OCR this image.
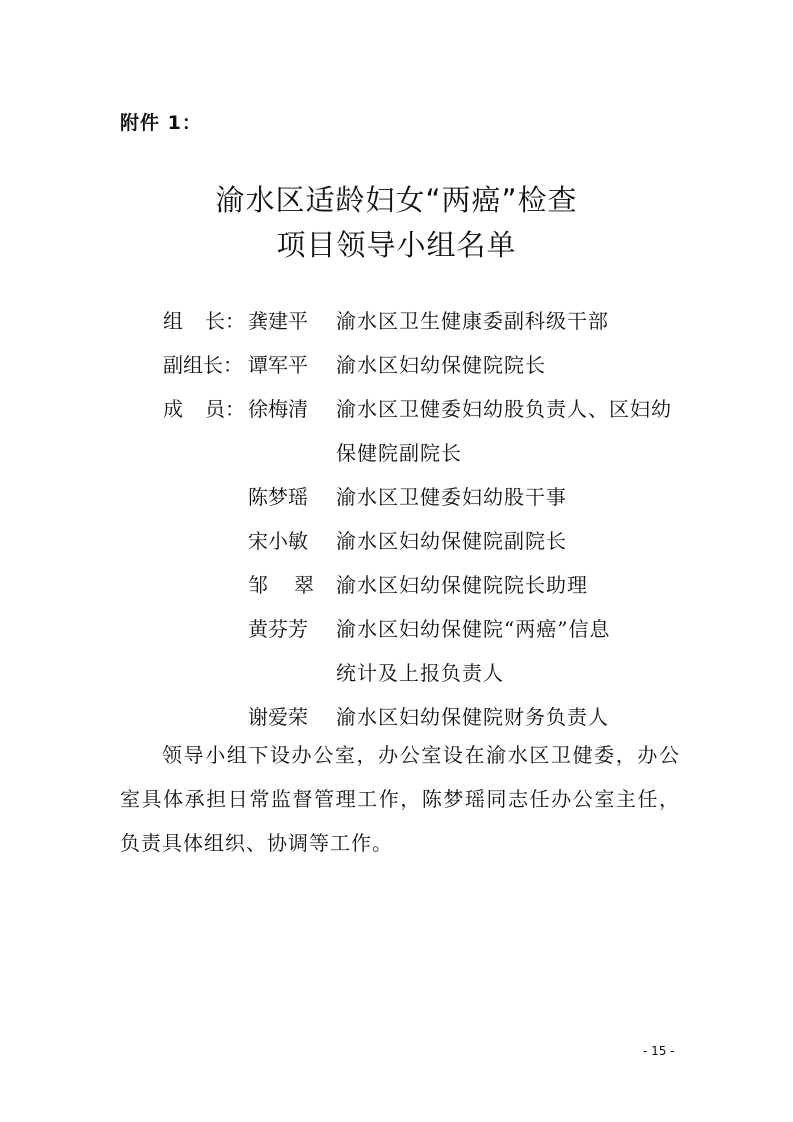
附件 1：
渝水区适龄妇女“两癌”检查
项目领导小组名单
组 长： 龚建平	渝水区卫生健康委副科级干部
副组长： 谭军平	渝水区妇幼保健院院长
成 员： 徐梅清	渝水区卫健委妇幼股负责人、区妇幼
保健院副院长
陈梦瑶	渝水区卫健委妇幼股干事
宋小敏	渝水区妇幼保健院副院长
邹 翠 渝水区妇幼保健院院长助理
黄芬芳	渝水区妇幼保健院“两癌”信息
统计及上报负责人
谢爱荣	渝水区妇幼保健院财务负责人
领导小组下设办公室，办公室设在渝水区卫健委，办公室具体承担日常监督管理工作，陈梦瑶同志任办公室主任，负责具体组织、协调等工作。
- 15 -
